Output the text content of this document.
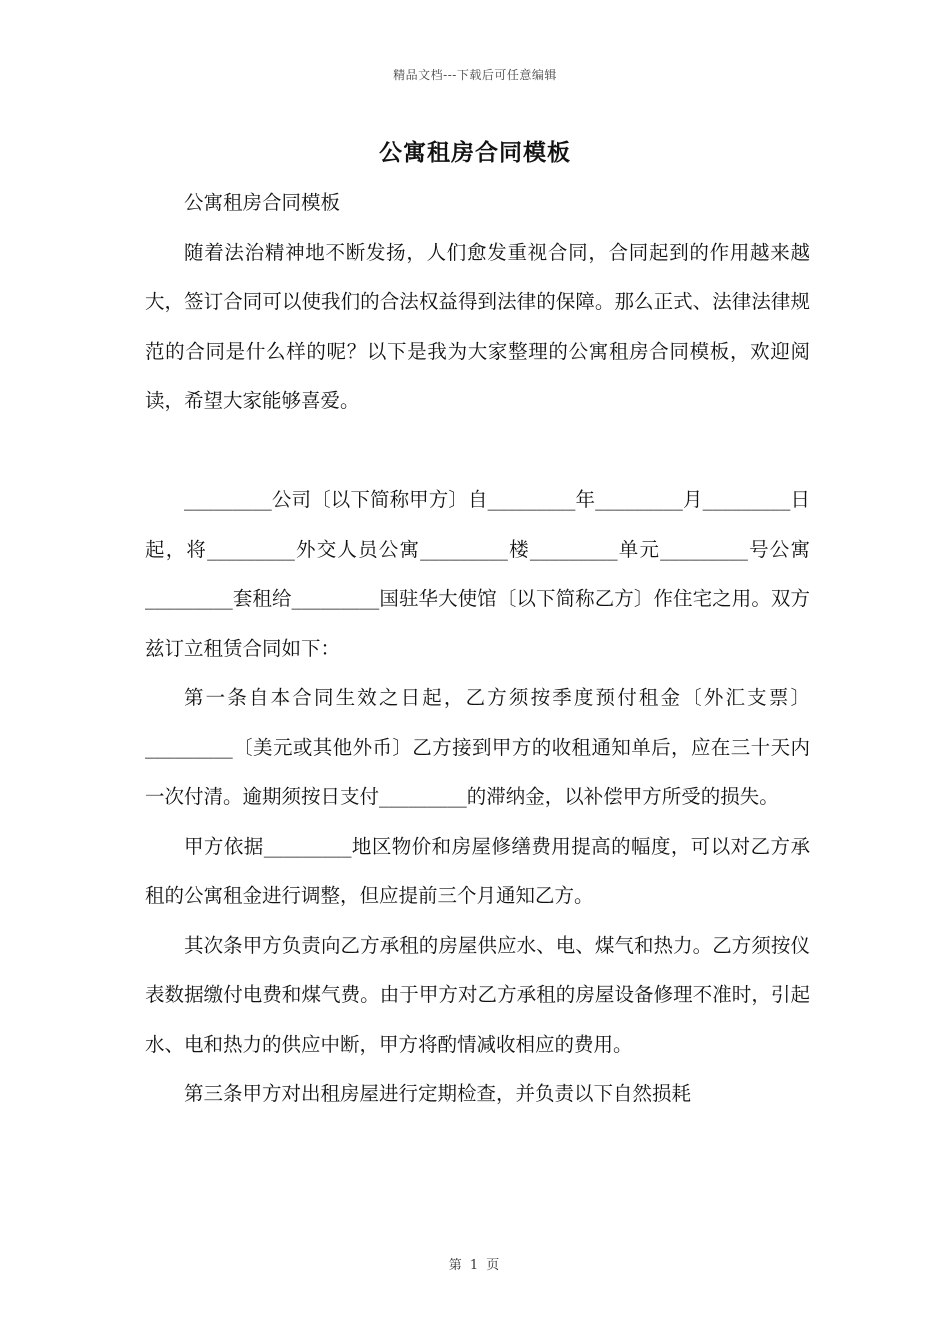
精品文档---下载后可任意编辑
公寓租房合同模板

公寓租房合同模板

随着法治精神地不断发扬，人们愈发重视合同，合同起到的作用越来越大，签订合同可以使我们的合法权益得到法律的保障。那么正式、法律法律规范的合同是什么样的呢？以下是我为大家整理的公寓租房合同模板，欢迎阅读，希望大家能够喜爱。

_________公司〔以下简称甲方〕自_________年_________月_________日起，将_________外交人员公寓_________楼_________单元_________号公寓_________套租给_________国驻华大使馆〔以下简称乙方〕作住宅之用。双方兹订立租赁合同如下：

第一条自本合同生效之日起，乙方须按季度预付租金〔外汇支票〕_________〔美元或其他外币〕乙方接到甲方的收租通知单后，应在三十天内一次付清。逾期须按日支付_________的滞纳金，以补偿甲方所受的损失。

甲方依据_________地区物价和房屋修缮费用提高的幅度，可以对乙方承租的公寓租金进行调整，但应提前三个月通知乙方。

其次条甲方负责向乙方承租的房屋供应水、电、煤气和热力。乙方须按仪表数据缴付电费和煤气费。由于甲方对乙方承租的房屋设备修理不准时，引起水、电和热力的供应中断，甲方将酌情减收相应的费用。

第三条甲方对出租房屋进行定期检查，并负责以下自然损耗

第 1 页
